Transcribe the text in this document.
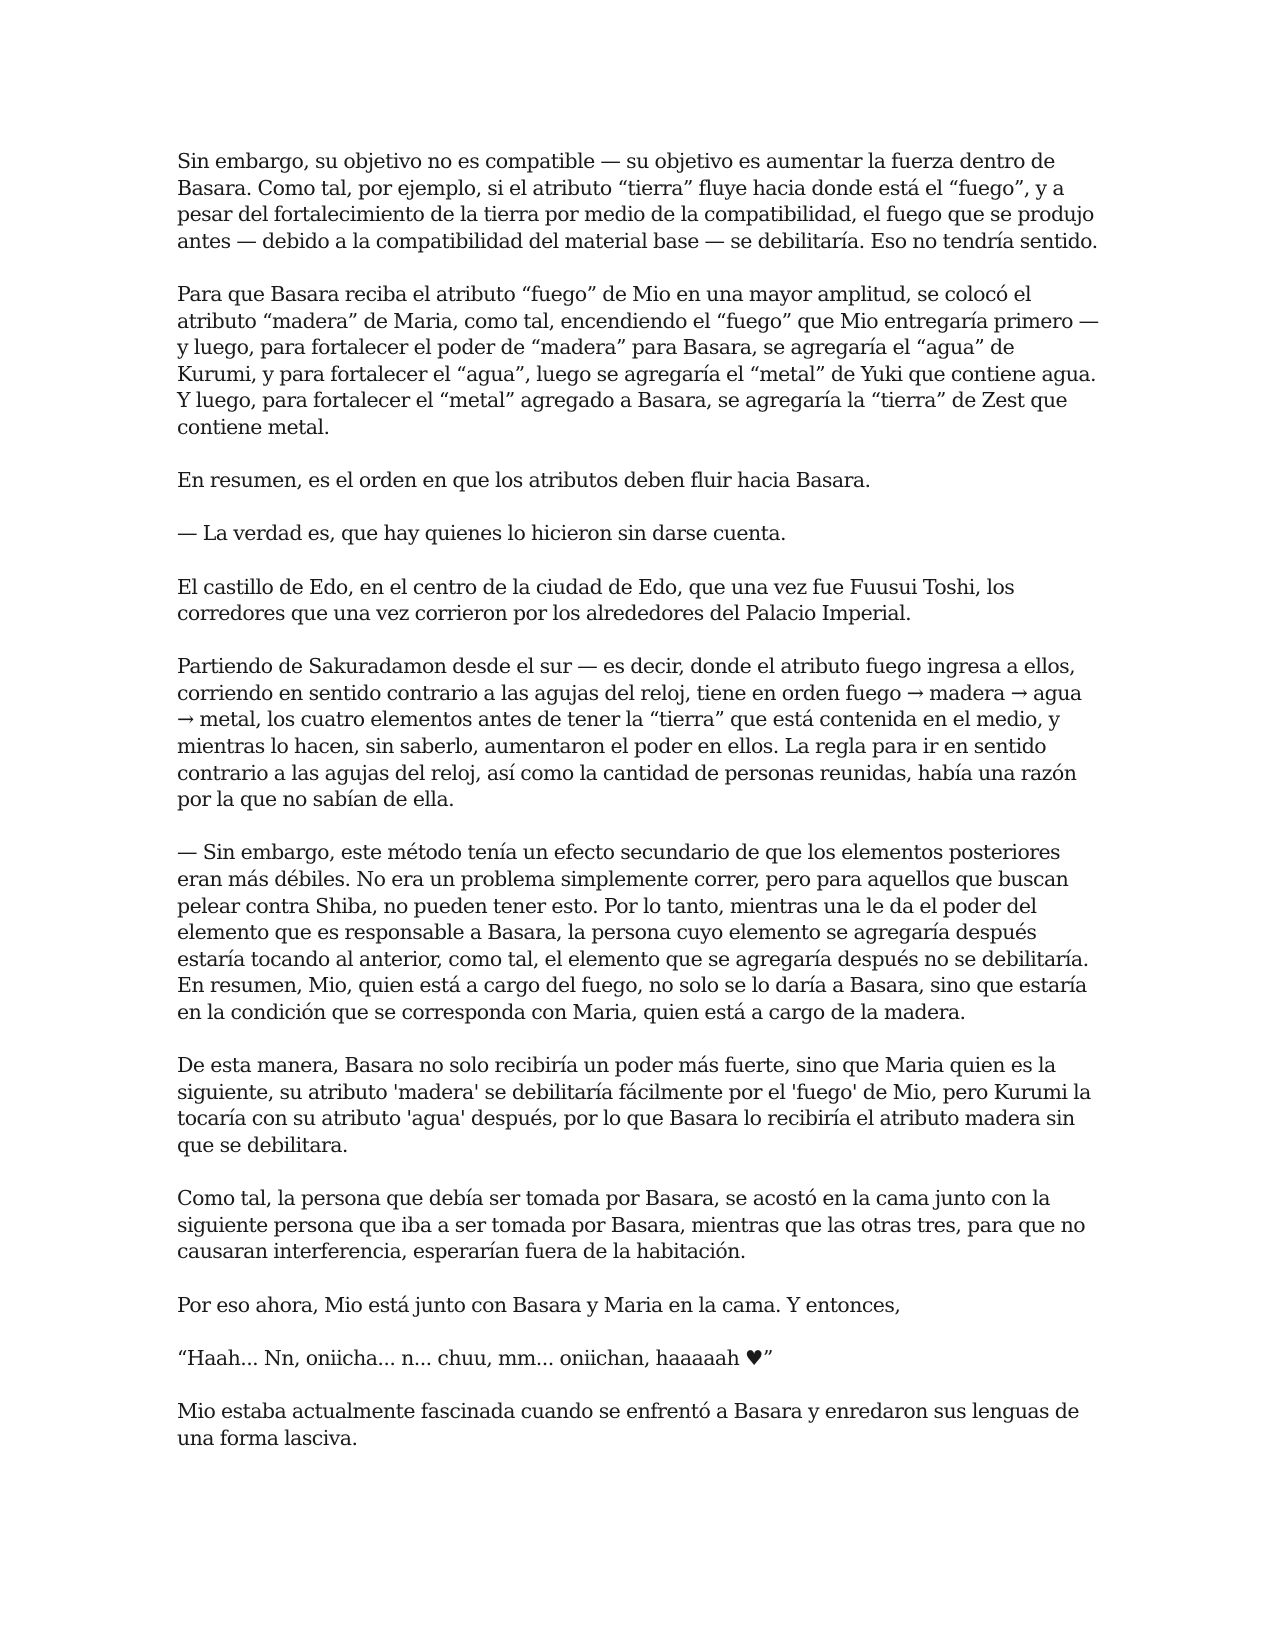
Sin embargo, su objetivo no es compatible — su objetivo es aumentar la fuerza dentro de Basara. Como tal, por ejemplo, si el atributo “tierra” fluye hacia donde está el “fuego”, y a pesar del fortalecimiento de la tierra por medio de la compatibilidad, el fuego que se produjo antes — debido a la compatibilidad del material base — se debilitaría. Eso no tendría sentido.

Para que Basara reciba el atributo “fuego” de Mio en una mayor amplitud, se colocó el atributo “madera” de Maria, como tal, encendiendo el “fuego” que Mio entregaría primero — y luego, para fortalecer el poder de “madera” para Basara, se agregaría el “agua” de Kurumi, y para fortalecer el “agua”, luego se agregaría el “metal” de Yuki que contiene agua. Y luego, para fortalecer el “metal” agregado a Basara, se agregaría la “tierra” de Zest que contiene metal.

En resumen, es el orden en que los atributos deben fluir hacia Basara.

— La verdad es, que hay quienes lo hicieron sin darse cuenta.

El castillo de Edo, en el centro de la ciudad de Edo, que una vez fue Fuusui Toshi, los corredores que una vez corrieron por los alrededores del Palacio Imperial.

Partiendo de Sakuradamon desde el sur — es decir, donde el atributo fuego ingresa a ellos, corriendo en sentido contrario a las agujas del reloj, tiene en orden fuego → madera → agua → metal, los cuatro elementos antes de tener la “tierra” que está contenida en el medio, y mientras lo hacen, sin saberlo, aumentaron el poder en ellos. La regla para ir en sentido contrario a las agujas del reloj, así como la cantidad de personas reunidas, había una razón por la que no sabían de ella.

— Sin embargo, este método tenía un efecto secundario de que los elementos posteriores eran más débiles. No era un problema simplemente correr, pero para aquellos que buscan pelear contra Shiba, no pueden tener esto. Por lo tanto, mientras una le da el poder del elemento que es responsable a Basara, la persona cuyo elemento se agregaría después estaría tocando al anterior, como tal, el elemento que se agregaría después no se debilitaría. En resumen, Mio, quien está a cargo del fuego, no solo se lo daría a Basara, sino que estaría en la condición que se corresponda con Maria, quien está a cargo de la madera.

De esta manera, Basara no solo recibiría un poder más fuerte, sino que Maria quien es la siguiente, su atributo 'madera' se debilitaría fácilmente por el 'fuego' de Mio, pero Kurumi la tocaría con su atributo 'agua' después, por lo que Basara lo recibiría el atributo madera sin que se debilitara.

Como tal, la persona que debía ser tomada por Basara, se acostó en la cama junto con la siguiente persona que iba a ser tomada por Basara, mientras que las otras tres, para que no causaran interferencia, esperarían fuera de la habitación.

Por eso ahora, Mio está junto con Basara y Maria en la cama. Y entonces,

“Haah... Nn, oniicha... n... chuu, mm... oniichan, haaaaah ♥”

Mio estaba actualmente fascinada cuando se enfrentó a Basara y enredaron sus lenguas de una forma lasciva.
